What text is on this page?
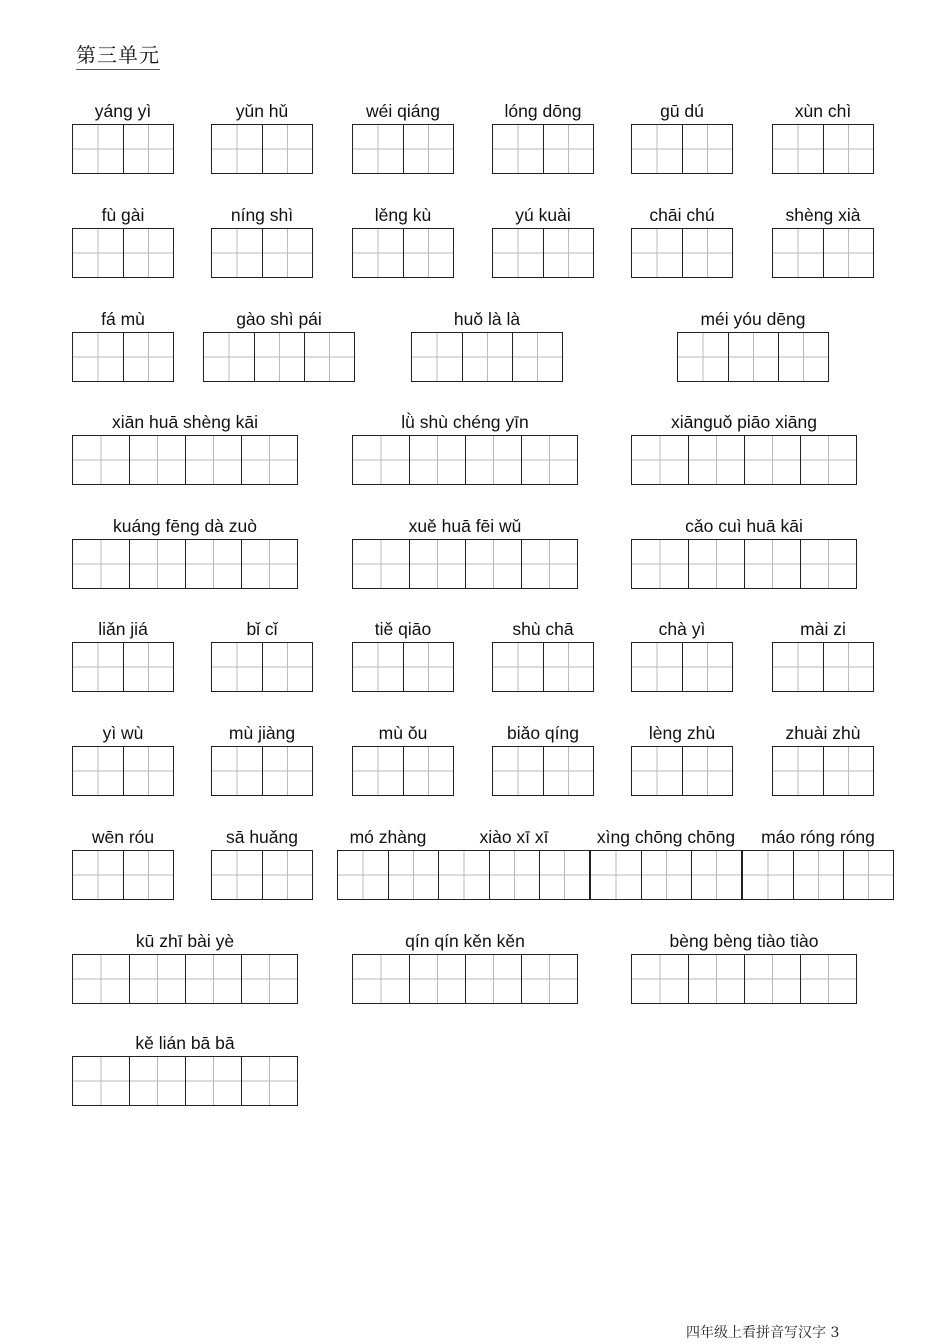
第三单元
yáng yì	yǔn hǔ	wéi qiáng	lóng dōng	gū dú	xùn chì
fù gài	níng shì	lěng kù	yú kuài	chāi chú	shèng xià
fá mù	gào shì pái	huǒ là là	méi yóu dēng
xiān huā shèng kāi	lǜ shù chéng yīn	xiānguǒ piāo xiāng
kuáng fēng dà zuò	xuě huā fēi wǔ	cǎo cuì huā kāi
liǎn jiá	bǐ cǐ	tiě qiāo	shù chā	chà yì	mài zi
yì wù	mù jiàng	mù ǒu	biǎo qíng	lèng zhù	zhuài zhù
wēn róu	sā huǎng	mó zhàng	xiào xī xī	xìng chōng chōng	máo róng róng
kū zhī bài yè	qín qín kěn kěn	bèng bèng tiào tiào
kě lián bā bā
四年级上看拼音写汉字 3
